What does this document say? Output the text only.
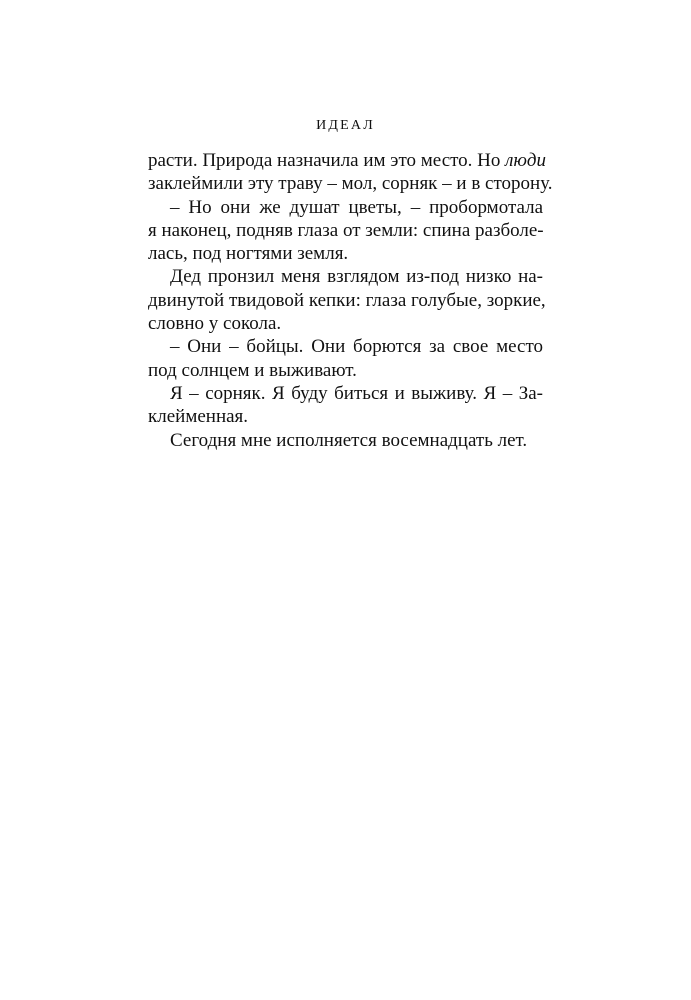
ИДЕАЛ
расти. Природа назначила им это место. Но люди
заклеймили эту траву – мол, сорняк – и в сторону.
– Но они же душат цветы, – пробормотала
я наконец, подняв глаза от земли: спина разболе-
лась, под ногтями земля.
Дед пронзил меня взглядом из-под низко на-
двинутой твидовой кепки: глаза голубые, зоркие,
словно у сокола.
– Они – бойцы. Они борются за свое место
под солнцем и выживают.
Я – сорняк. Я буду биться и выживу. Я – За-
клейменная.
Сегодня мне исполняется восемнадцать лет.
